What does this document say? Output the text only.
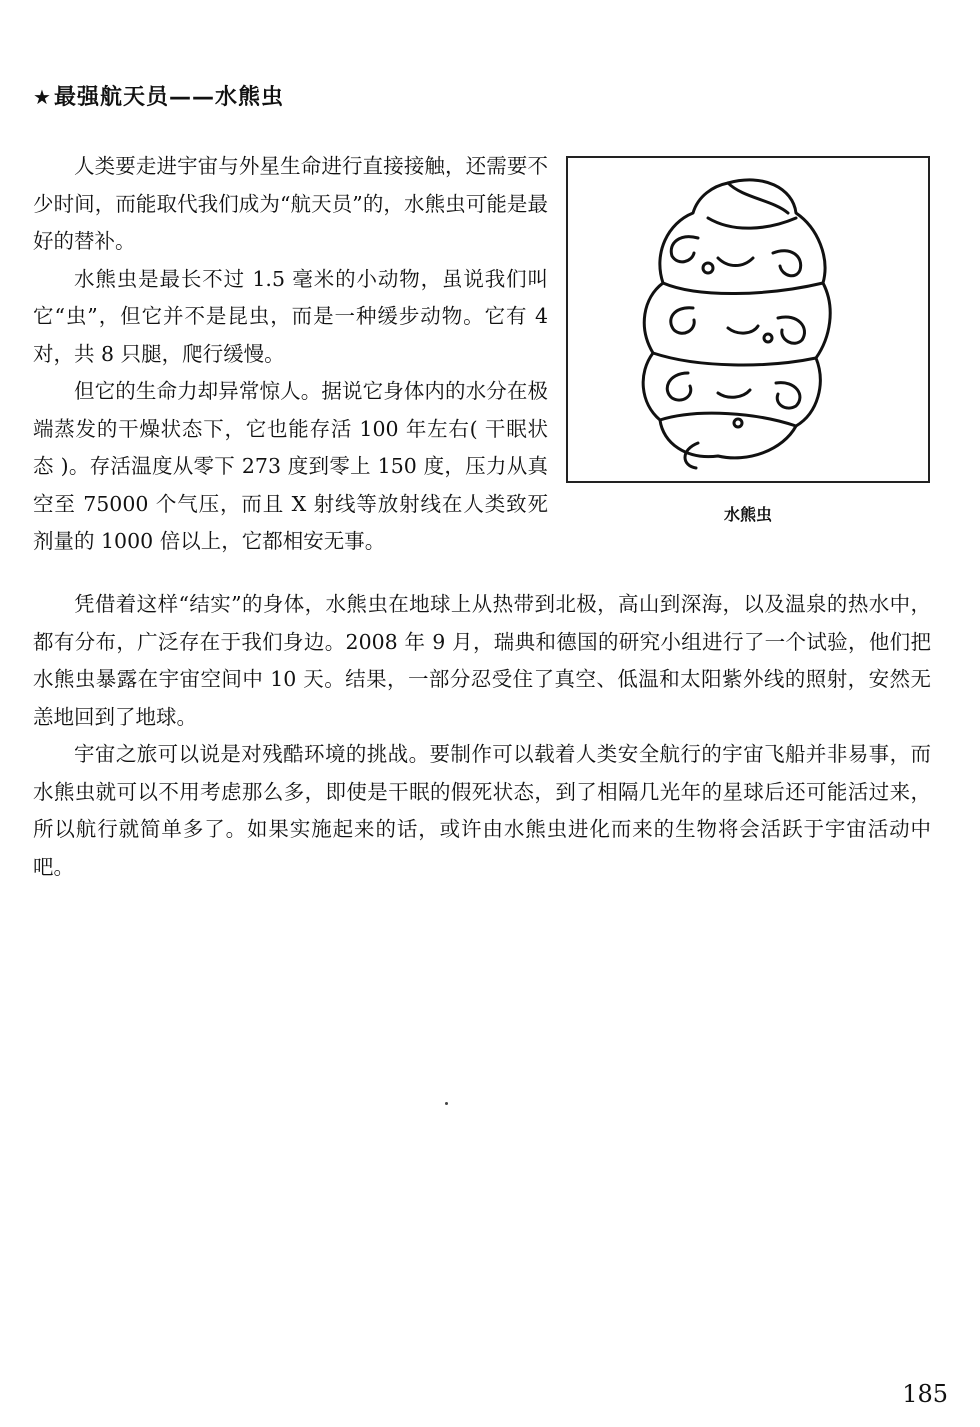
★最强航天员——水熊虫

人类要走进宇宙与外星生命进行直接接触，还需要不少时间，而能取代我们成为“航天员”的，水熊虫可能是最好的替补。

水熊虫是最长不过 1.5 毫米的小动物，虽说我们叫它“虫”，但它并不是昆虫，而是一种缓步动物。它有 4 对，共 8 只腿，爬行缓慢。

但它的生命力却异常惊人。据说它身体内的水分在极端蒸发的干燥状态下，它也能存活 100 年左右( 干眠状态 )。存活温度从零下 273 度到零上 150 度，压力从真空至 75000 个气压，而且 X 射线等放射线在人类致死剂量的 1000 倍以上，它都相安无事。

水熊虫

凭借着这样“结实”的身体，水熊虫在地球上从热带到北极，高山到深海，以及温泉的热水中，都有分布，广泛存在于我们身边。2008 年 9 月，瑞典和德国的研究小组进行了一个试验，他们把水熊虫暴露在宇宙空间中 10 天。结果，一部分忍受住了真空、低温和太阳紫外线的照射，安然无恙地回到了地球。

宇宙之旅可以说是对残酷环境的挑战。要制作可以载着人类安全航行的宇宙飞船并非易事，而水熊虫就可以不用考虑那么多，即使是干眠的假死状态，到了相隔几光年的星球后还可能活过来，所以航行就简单多了。如果实施起来的话，或许由水熊虫进化而来的生物将会活跃于宇宙活动中吧。

185
